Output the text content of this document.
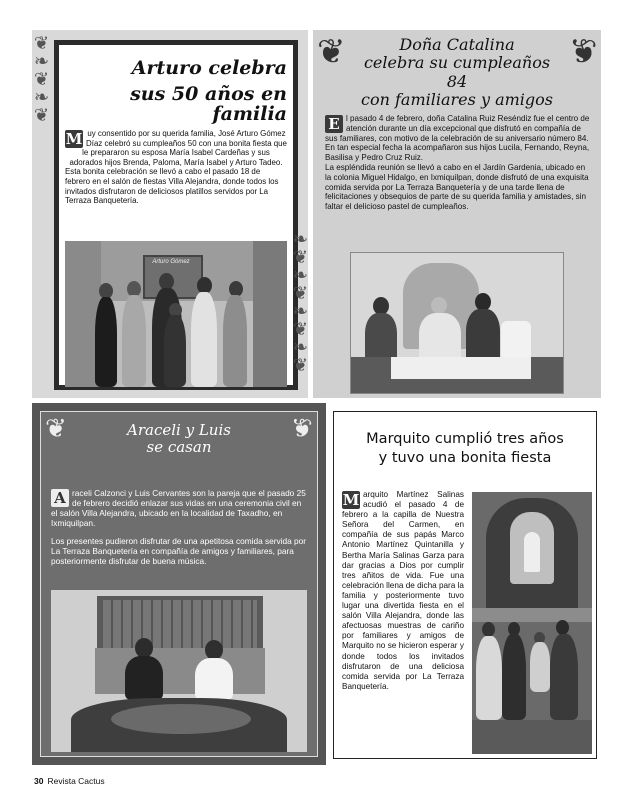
❦
❧
❦
❧
❦
Arturo celebra
sus 50 años en familia
M uy consentido por su querida familia, José Arturo Gómez Díaz celebró su cumpleaños 50 con una bonita fiesta que le prepararon su esposa María Isabel Cardeñas y sus adorados hijos Brenda, Paloma, María Isabel y Arturo Tadeo.
Esta bonita celebración se llevó a cabo el pasado 18 de febrero en el salón de fiestas Villa Alejandra, donde todos los invitados disfrutaron de deliciosos platillos servidos por La Terraza Banquetería.
Arturo Gómez
❧
❦
❧
❦
❧
❦
❧
❦
❦	❦
Doña Catalina
celebra su cumpleaños 84
con familiares y amigos
E l pasado 4 de febrero, doña Catalina Ruiz Reséndiz fue el centro de atención durante un día excepcional que disfrutó en compañía de sus familiares, con motivo de la celebración de su aniversario número 84.
En tan especial fecha la acompañaron sus hijos Lucila, Fernando, Reyna, Basilisa y Pedro Cruz Ruiz.
La espléndida reunión se llevó a cabo en el Jardín Gardenia, ubicado en la colonia Miguel Hidalgo, en Ixmiquilpan, donde disfrutó de una exquisita comida servida por La Terraza Banquetería y de una tarde llena de felicitaciones y obsequios de parte de su querida familia y amistades, sin faltar el delicioso pastel de cumpleaños.
❦	❦
Araceli y Luis
se casan
A raceli Calzonci y Luis Cervantes son la pareja que el pasado 25 de febrero decidió enlazar sus vidas en una ceremonia civil en el salón Villa Alejandra, ubicado en la localidad de Taxadho, en Ixmiquilpan.
Los presentes pudieron disfrutar de una apetitosa comida servida por La Terraza Banquetería en compañía de amigos y familiares, para posteriormente disfrutar de buena música.
Marquito cumplió tres años
y tuvo una bonita fiesta
M arquito Martínez Salinas acudió el pasado 4 de febrero a la capilla de Nuestra Señora del Carmen, en compañía de sus papás Marco Antonio Martínez Quintanilla y Bertha María Salinas Garza para dar gracias a Dios por cumplir tres añitos de vida. Fue una celebración llena de dicha para la familia y posteriormente tuvo lugar una divertida fiesta en el salón Villa Alejandra, donde las afectuosas muestras de cariño por familiares y amigos de Marquito no se hicieron esperar y donde todos los invitados disfrutaron de una deliciosa comida servida por La Terraza Banquetería.
30 Revista Cactus
